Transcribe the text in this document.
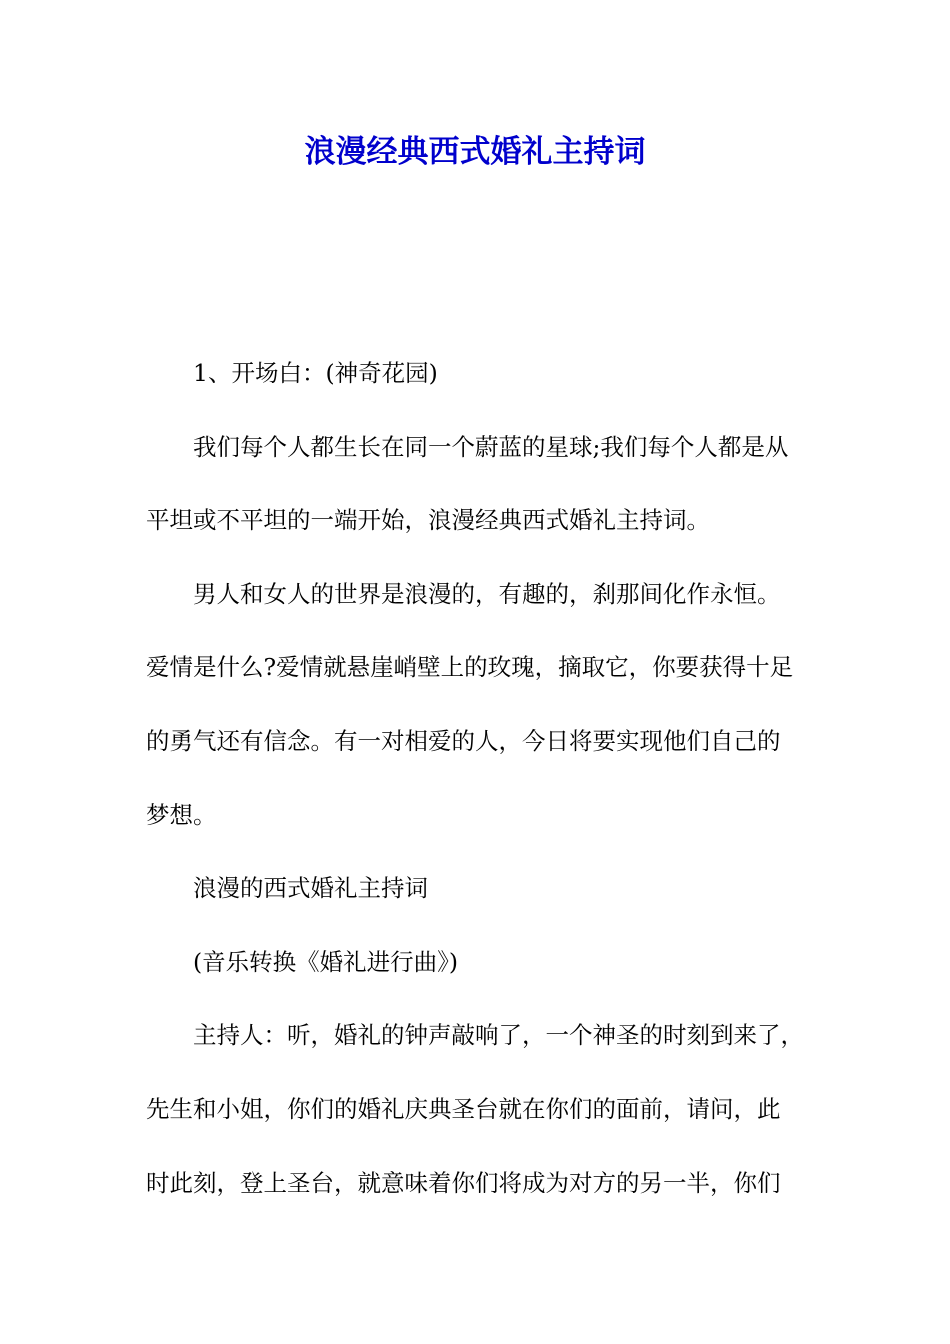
浪漫经典西式婚礼主持词
1、开场白：(神奇花园)
我们每个人都生长在同一个蔚蓝的星球;我们每个人都是从
平坦或不平坦的一端开始，浪漫经典西式婚礼主持词。
男人和女人的世界是浪漫的，有趣的，刹那间化作永恒。
爱情是什么?爱情就悬崖峭壁上的玫瑰，摘取它，你要获得十足
的勇气还有信念。有一对相爱的人，今日将要实现他们自己的
梦想。
浪漫的西式婚礼主持词
(音乐转换《婚礼进行曲》)
主持人：听，婚礼的钟声敲响了，一个神圣的时刻到来了，
先生和小姐，你们的婚礼庆典圣台就在你们的面前，请问，此
时此刻，登上圣台，就意味着你们将成为对方的另一半，你们
